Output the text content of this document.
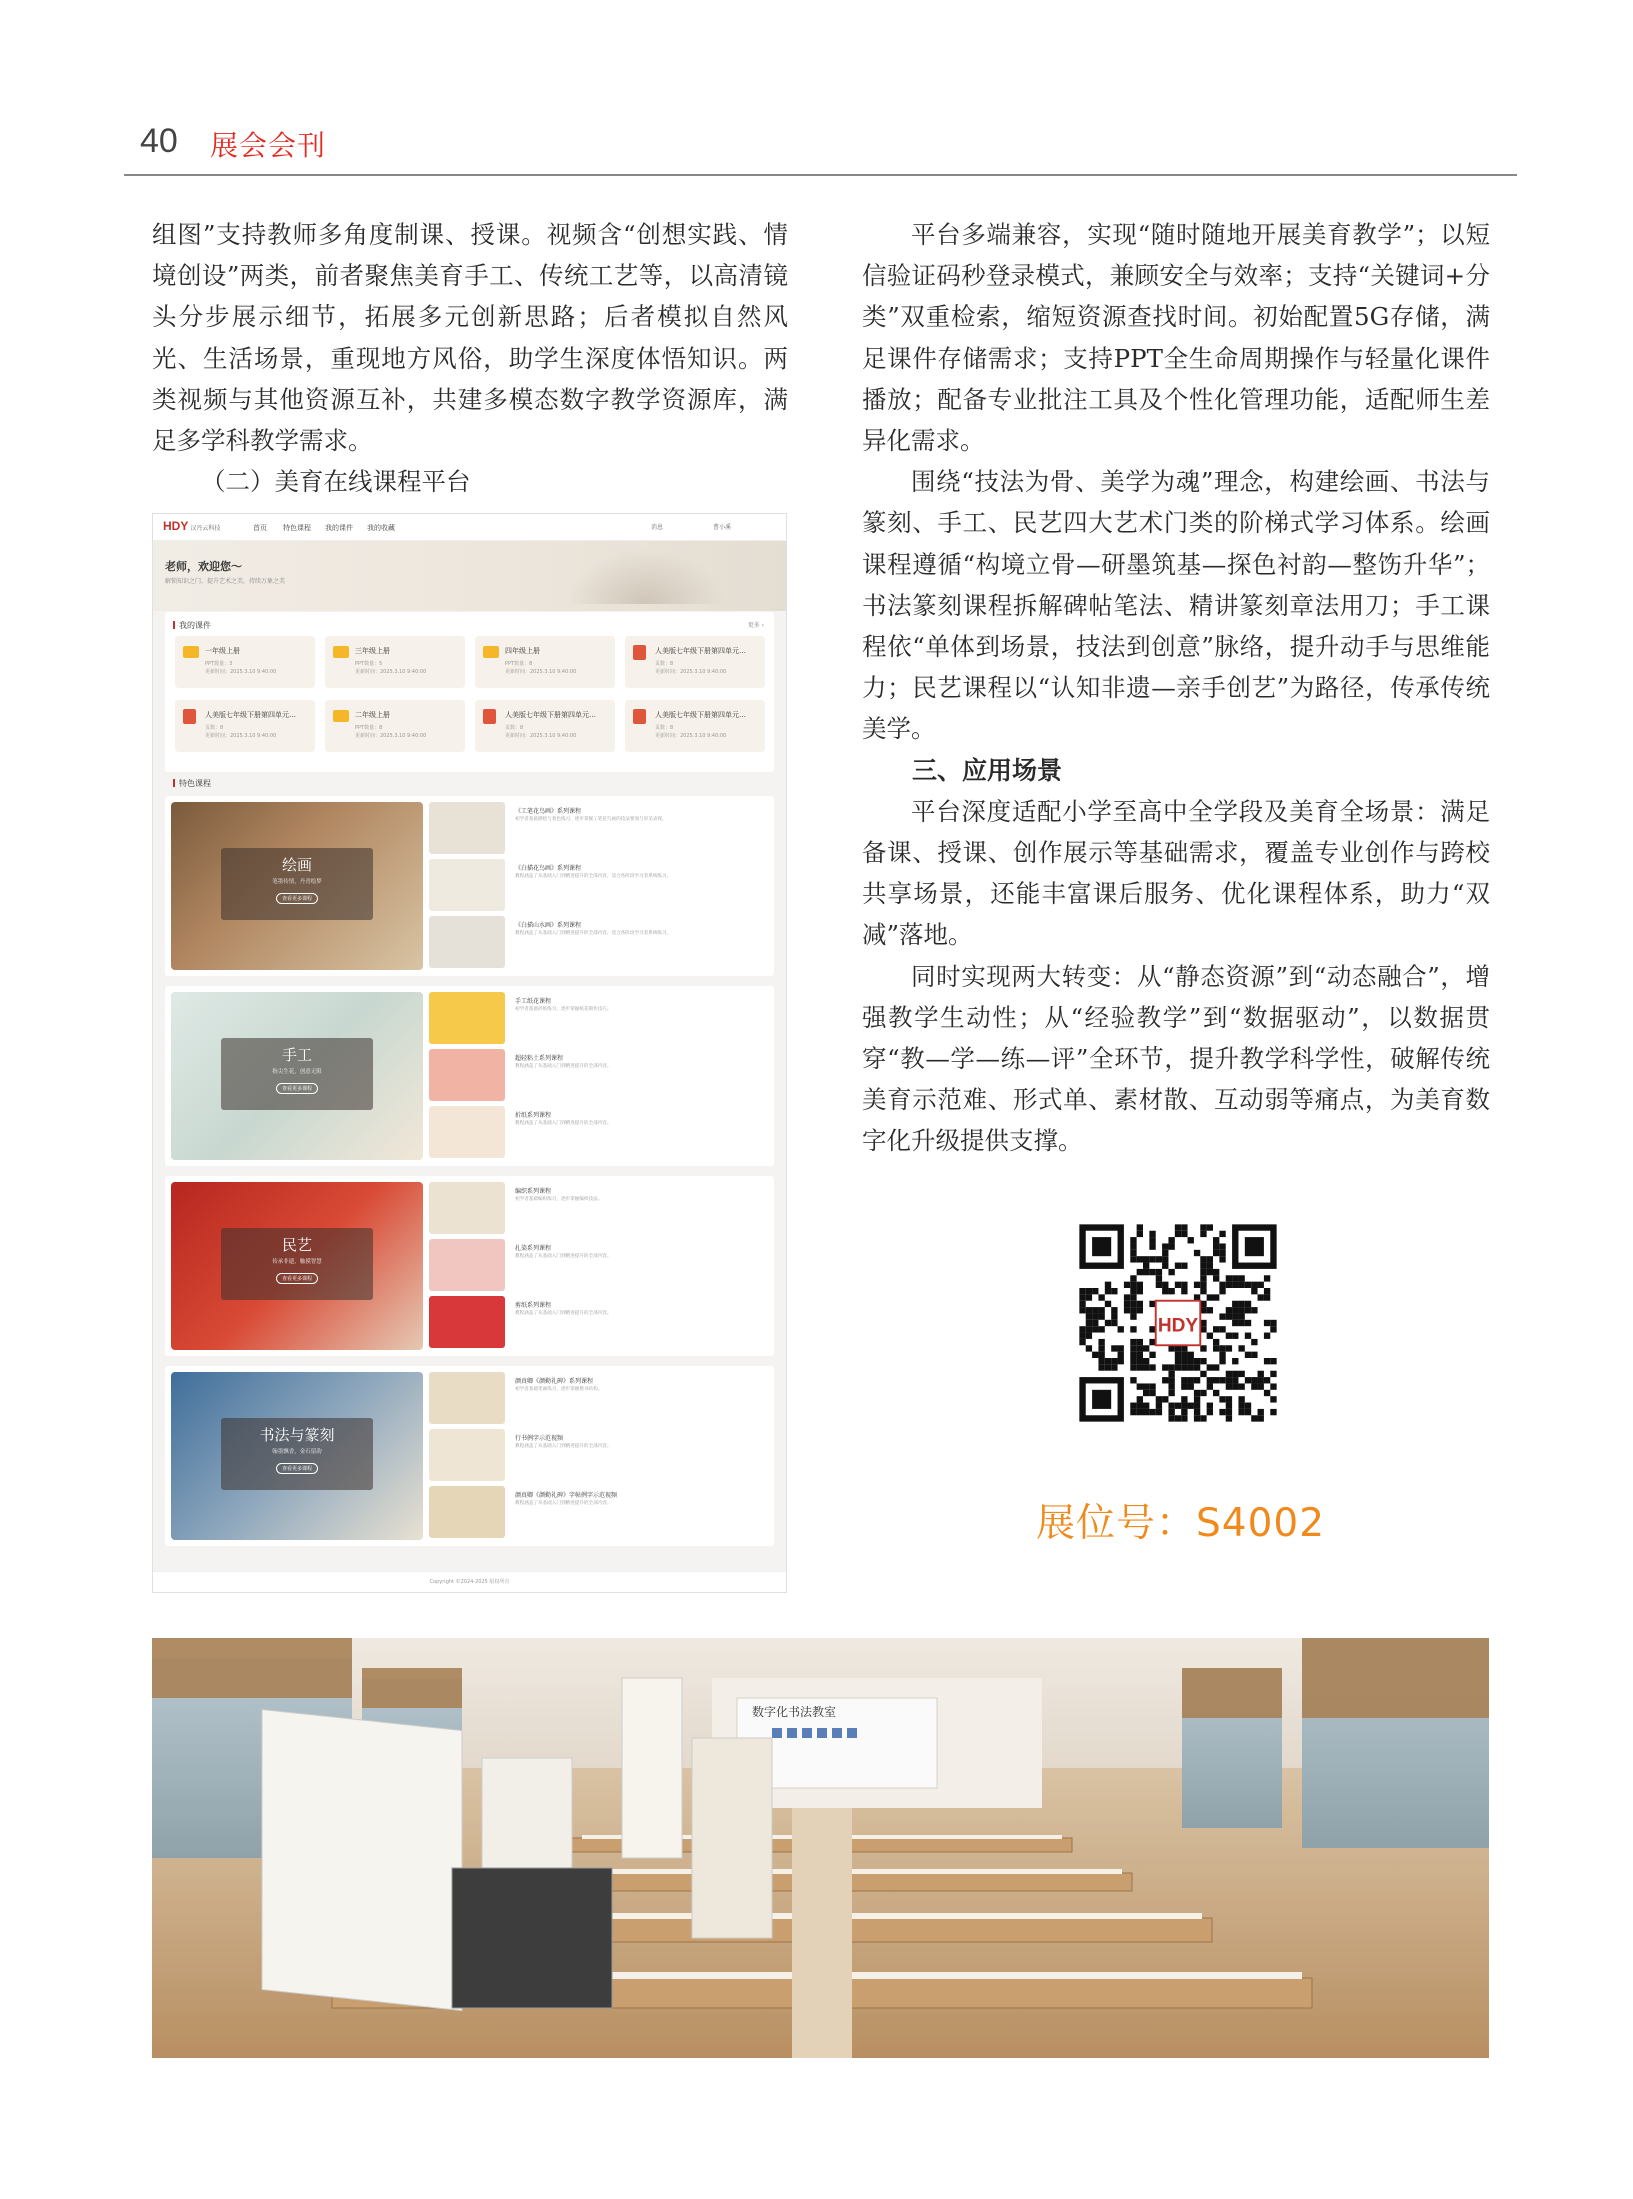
40 展会会刊

组图”支持教师多角度制课、授课。视频含“创想实践、情境创设”两类，前者聚焦美育手工、传统工艺等，以高清镜头分步展示细节，拓展多元创新思路；后者模拟自然风光、生活场景，重现地方风俗，助学生深度体悟知识。两类视频与其他资源互补，共建多模态数字教学资源库，满足多学科教学需求。

（二）美育在线课程平台

HDY 汉丹云科技	首页 特色课程 我的课件 我的收藏	消息	曹小溪
老师，欢迎您～
解锁知识之门，提升艺术之美，持续万象之美
我的课件	更多 ›
一年级上册
PPT数量：3
更新时间：2025.3.10 9:40:00
三年级上册
PPT数量：5
更新时间：2025.3.10 9:40:00
四年级上册
PPT数量：8
更新时间：2025.3.10 9:40:00
人美版七年级下册第四单元…
页数：8
更新时间：2025.3.10 9:40:00
人美版七年级下册第四单元…
页数：8
更新时间：2025.3.10 9:40:00
二年级上册
PPT数量：8
更新时间：2025.3.10 9:40:00
人美版七年级下册第四单元…
页数：8
更新时间：2025.3.10 9:40:00
人美版七年级下册第四单元…
页数：8
更新时间：2025.3.10 9:40:00
特色课程
绘画
笔墨传情，丹青绘梦
查看更多课程
《工笔花鸟画》系列课程
初学者基础描绘与着色练习，逐步掌握工笔花鸟画的技法要领与审美表现。
《白描花鸟画》系列课程
教程涵盖了从基础入门到精进提升的全部内容，适合各阶段学习者系统练习。
《白描山水画》系列课程
教程涵盖了从基础入门到精进提升的全部内容，适合各阶段学习者系统练习。
手工
指尖生花，创意无限
查看更多课程
手工纸花课程
初学者基础折纸练习，逐步掌握纸花制作技巧。
超轻粘土系列课程
教程涵盖了从基础入门到精进提升的全部内容。
折纸系列课程
教程涵盖了从基础入门到精进提升的全部内容。
民艺
传承非遗，触摸智慧
查看更多课程
编织系列课程
初学者基础编织练习，逐步掌握编织技法。
扎染系列课程
教程涵盖了从基础入门到精进提升的全部内容。
剪纸系列课程
教程涵盖了从基础入门到精进提升的全部内容。
书法与篆刻
翰墨飘香，金石留韵
查看更多课程
颜真卿《颜勤礼碑》系列课程
初学者基础笔画练习，逐步掌握楷书结构。
行书例字示范视频
教程涵盖了从基础入门到精进提升的全部内容。
颜真卿《颜勤礼碑》字帖例字示范视频
教程涵盖了从基础入门到精进提升的全部内容。
Copyright ©2024-2025 版权所有

平台多端兼容，实现“随时随地开展美育教学”；以短信验证码秒登录模式，兼顾安全与效率；支持“关键词+分类”双重检索，缩短资源查找时间。初始配置5G存储，满足课件存储需求；支持PPT全生命周期操作与轻量化课件播放；配备专业批注工具及个性化管理功能，适配师生差异化需求。

围绕“技法为骨、美学为魂”理念，构建绘画、书法与篆刻、手工、民艺四大艺术门类的阶梯式学习体系。绘画课程遵循“构境立骨—研墨筑基—探色衬韵—整饬升华”；书法篆刻课程拆解碑帖笔法、精讲篆刻章法用刀；手工课程依“单体到场景，技法到创意”脉络，提升动手与思维能力；民艺课程以“认知非遗—亲手创艺”为路径，传承传统美学。

三、应用场景

平台深度适配小学至高中全学段及美育全场景：满足备课、授课、创作展示等基础需求，覆盖专业创作与跨校共享场景，还能丰富课后服务、优化课程体系，助力“双减”落地。

同时实现两大转变：从“静态资源”到“动态融合”，增强教学生动性；从“经验教学”到“数据驱动”，以数据贯穿“教—学—练—评”全环节，提升教学科学性，破解传统美育示范难、形式单、素材散、互动弱等痛点，为美育数字化升级提供支撑。

HDY
展位号：S4002
数字化书法教室
